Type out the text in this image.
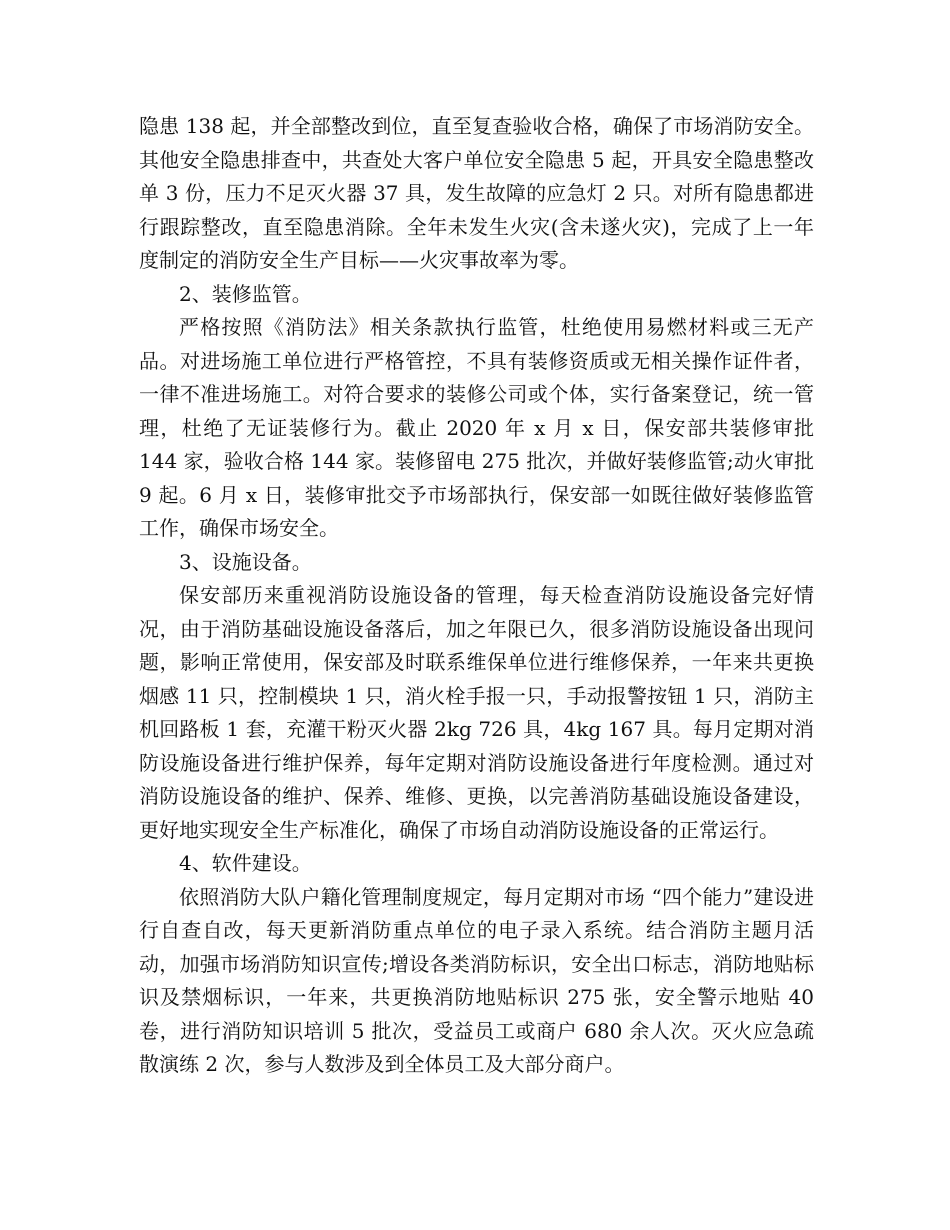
隐患 138 起，并全部整改到位，直至复查验收合格，确保了市场消防安全。其他安全隐患排查中，共查处大客户单位安全隐患 5 起，开具安全隐患整改单 3 份，压力不足灭火器 37 具，发生故障的应急灯 2 只。对所有隐患都进行跟踪整改，直至隐患消除。全年未发生火灾(含未遂火灾)，完成了上一年度制定的消防安全生产目标——火灾事故率为零。

2、装修监管。

严格按照《消防法》相关条款执行监管，杜绝使用易燃材料或三无产品。对进场施工单位进行严格管控，不具有装修资质或无相关操作证件者，一律不准进场施工。对符合要求的装修公司或个体，实行备案登记，统一管理，杜绝了无证装修行为。截止 2020 年 x 月 x 日，保安部共装修审批 144 家，验收合格 144 家。装修留电 275 批次，并做好装修监管;动火审批 9 起。6 月 x 日，装修审批交予市场部执行，保安部一如既往做好装修监管工作，确保市场安全。

3、设施设备。

保安部历来重视消防设施设备的管理，每天检查消防设施设备完好情况，由于消防基础设施设备落后，加之年限已久，很多消防设施设备出现问题，影响正常使用，保安部及时联系维保单位进行维修保养，一年来共更换烟感 11 只，控制模块 1 只，消火栓手报一只，手动报警按钮 1 只，消防主机回路板 1 套，充灌干粉灭火器 2kg 726 具，4kg 167 具。每月定期对消防设施设备进行维护保养，每年定期对消防设施设备进行年度检测。通过对消防设施设备的维护、保养、维修、更换，以完善消防基础设施设备建设，更好地实现安全生产标准化，确保了市场自动消防设施设备的正常运行。

4、软件建设。

依照消防大队户籍化管理制度规定，每月定期对市场 “四个能力”建设进行自查自改，每天更新消防重点单位的电子录入系统。结合消防主题月活动，加强市场消防知识宣传;增设各类消防标识，安全出口标志，消防地贴标识及禁烟标识，一年来，共更换消防地贴标识 275 张，安全警示地贴 40 卷，进行消防知识培训 5 批次，受益员工或商户 680 余人次。灭火应急疏散演练 2 次，参与人数涉及到全体员工及大部分商户。
